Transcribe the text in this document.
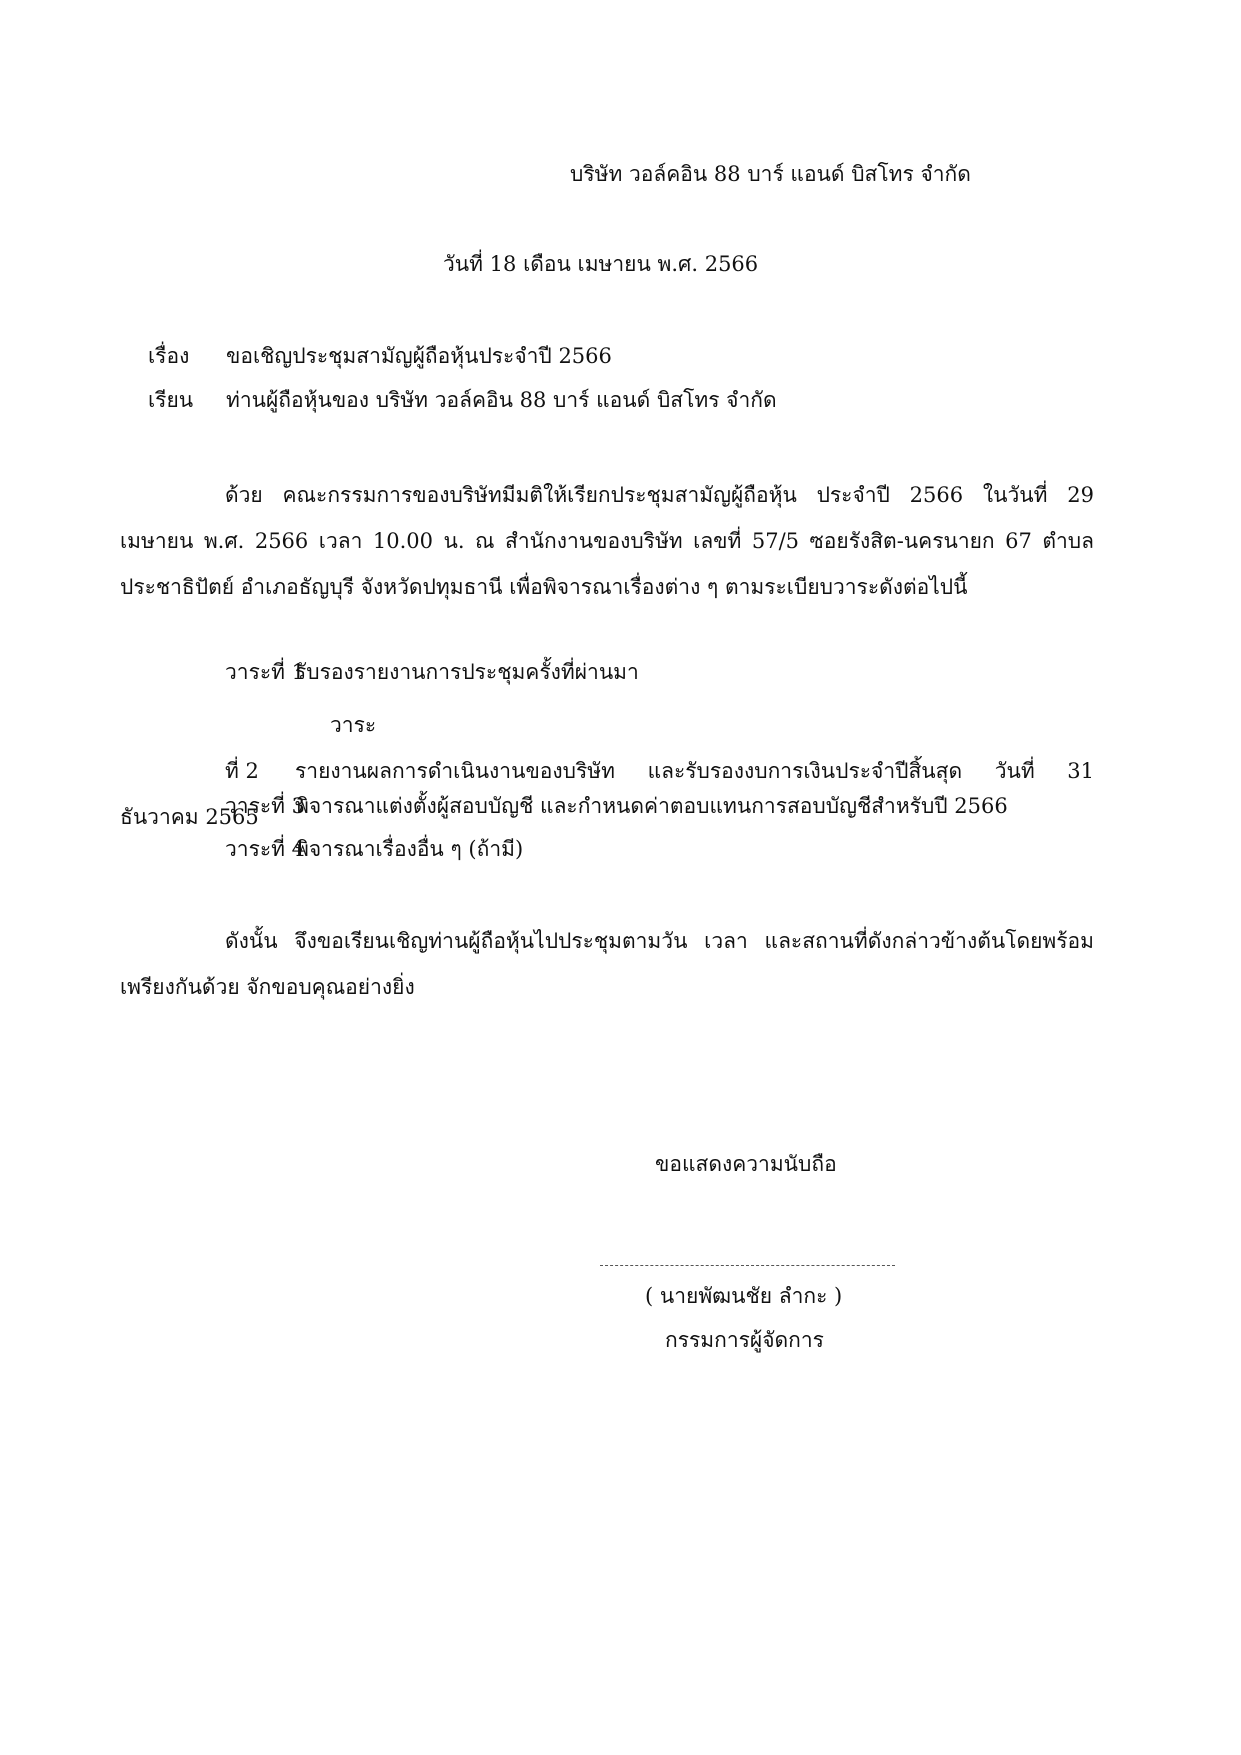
บริษัท วอล์คอิน 88 บาร์ แอนด์ บิสโทร จำกัด
วันที่ 18 เดือน เมษายน พ.ศ. 2566
เรื่อง ขอเชิญประชุมสามัญผู้ถือหุ้นประจำปี 2566
เรียน ท่านผู้ถือหุ้นของ บริษัท วอล์คอิน 88 บาร์ แอนด์ บิสโทร จำกัด
ด้วย คณะกรรมการของบริษัทมีมติให้เรียกประชุมสามัญผู้ถือหุ้น ประจำปี 2566 ในวันที่ 29 เมษายน พ.ศ. 2566 เวลา 10.00 น. ณ สำนักงานของบริษัท เลขที่ 57/5 ซอยรังสิต-นครนายก 67 ตำบลประชาธิปัตย์ อำเภอธัญบุรี จังหวัดปทุมธานี เพื่อพิจารณาเรื่องต่าง ๆ ตามระเบียบวาระดังต่อไปนี้
วาระที่ 1รับรองรายงานการประชุมครั้งที่ผ่านมา
วาระที่ 2 รายงานผลการดำเนินงานของบริษัท และรับรองงบการเงินประจำปีสิ้นสุด วันที่ 31 ธันวาคม 2565
วาระที่ 3พิจารณาแต่งตั้งผู้สอบบัญชี และกำหนดค่าตอบแทนการสอบบัญชีสำหรับปี 2566
วาระที่ 4พิจารณาเรื่องอื่น ๆ (ถ้ามี)
ดังนั้น จึงขอเรียนเชิญท่านผู้ถือหุ้นไปประชุมตามวัน เวลา และสถานที่ดังกล่าวข้างต้นโดยพร้อมเพรียงกันด้วย จักขอบคุณอย่างยิ่ง
ขอแสดงความนับถือ
( นายพัฒนชัย ลำกะ )
กรรมการผู้จัดการ
